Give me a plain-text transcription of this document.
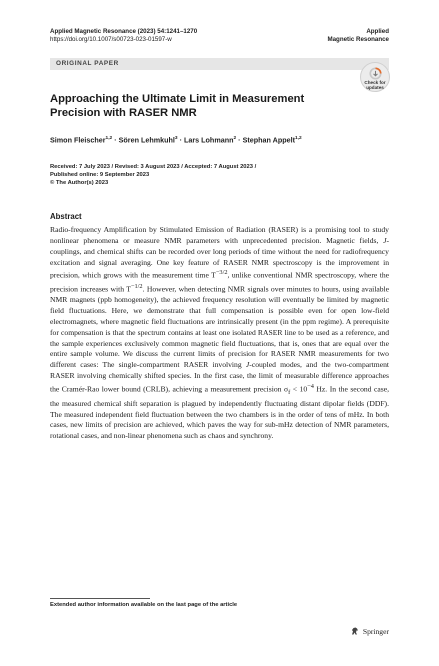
Applied Magnetic Resonance (2023) 54:1241–1270
https://doi.org/10.1007/s00723-023-01597-w
Applied
Magnetic Resonance
ORIGINAL PAPER
Check for
updates
Approaching the Ultimate Limit in Measurement Precision with RASER NMR
Simon Fleischer$^{1,2}$ · Sören Lehmkuhl$^3$ · Lars Lohmann$^2$ · Stephan Appelt$^{1,2}$
Received: 7 July 2023 / Revised: 3 August 2023 / Accepted: 7 August 2023 /
Published online: 9 September 2023
© The Author(s) 2023
Abstract

Radio-frequency Amplification by Stimulated Emission of Radiation (RASER) is a promising tool to study nonlinear phenomena or measure NMR parameters with unprecedented precision. Magnetic fields, J-couplings, and chemical shifts can be recorded over long periods of time without the need for radiofrequency excitation and signal averaging. One key feature of RASER NMR spectroscopy is the improvement in precision, which grows with the measurement time $T^{-3/2}$, unlike conventional NMR spectroscopy, where the precision increases with $T^{-1/2}$. However, when detecting NMR signals over minutes to hours, using available NMR magnets (ppb homogeneity), the achieved frequency resolution will eventually be limited by magnetic field fluctuations. Here, we demonstrate that full compensation is possible even for open low-field electromagnets, where magnetic field fluctuations are intrinsically present (in the ppm regime). A prerequisite for compensation is that the spectrum contains at least one isolated RASER line to be used as a reference, and the sample experiences exclusively common magnetic field fluctuations, that is, ones that are equal over the entire sample volume. We discuss the current limits of precision for RASER NMR measurements for two different cases: The single-compartment RASER involving J-coupled modes, and the two-compartment RASER involving chemically shifted species. In the first case, the limit of measurable difference approaches the Cramér-Rao lower bound (CRLB), achieving a measurement precision $\sigma_f < 10^{-4}$ Hz. In the second case, the measured chemical shift separation is plagued by independently fluctuating distant dipolar fields (DDF). The measured independent field fluctuation between the two chambers is in the order of tens of mHz. In both cases, new limits of precision are achieved, which paves the way for sub-mHz detection of NMR parameters, rotational cases, and non-linear phenomena such as chaos and synchrony.

Extended author information available on the last page of the article
Springer
